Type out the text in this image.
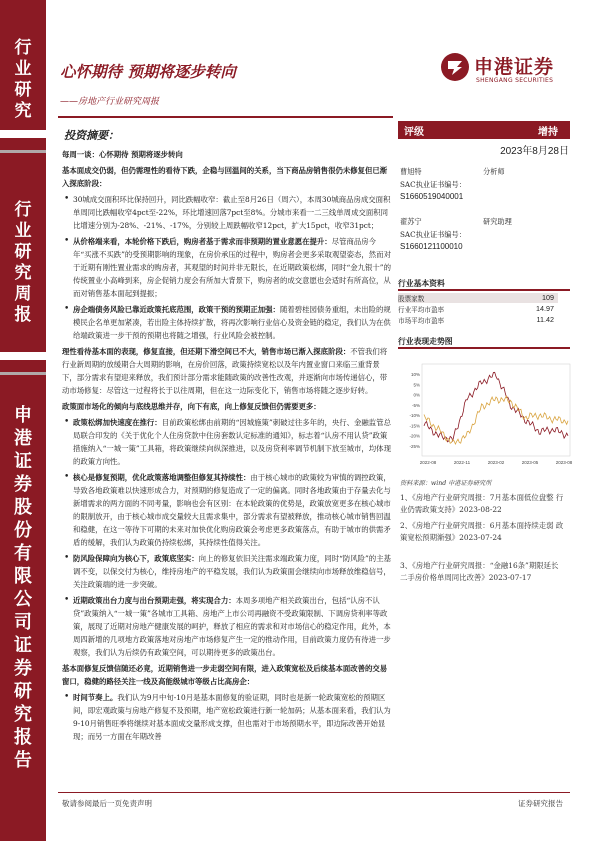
行
业
研
究
行
业
研
究
周
报
申
港
证
券
股
份
有
限
公
司
证
券
研
究
报
告
心怀期待 预期将逐步转向
——房地产行业研究周报
申港证券
SHENGANG SECURITIES
投资摘要：
每周一谈：心怀期待 预期将逐步转向
基本面成交仍弱，但仍需理性的看待下跌，企稳与回温间的关系，当下商品房销售很仍未修复但已渐入探底阶段：
• 30城成交面积环比保持回升，同比跌幅收窄：截止至8月26日（周六），本周30城商品房成交面积单周同比跌幅收窄4pct至-22%，环比增速回落7pct至8%。分城市来看一二三线单周成交面积同比增速分别为-28%、-21%、-17%，分别较上周跌幅收窄12pct，扩大15pct，收窄31pct；
• 从价格端来看，本轮价格下跌后，购房者基于需求而非预期的置业意愿在提升：尽管商品房今年“买涨不买跌”的受预期影响的现象，在房价承压的过程中，购房者会更多采取观望姿态，然而对于近期有刚性置业需求的购房者，其观望的时间并非无限长，在近期政策松绑，同时“金九银十”的传统置业小高峰到来，房企促销力度会有所加大背景下，购房者的成交意愿也会适时有所高位，从而对销售基本面起到提振；
• 房企端债务风险已靠近政策托底范围，政策干预的预期正加强：随着碧桂园债务重组，未出险的规模民企名单更加紧凑，若出险主体持续扩散，将再次影响行业信心及资金链的稳定，我们认为在供给端政策进一步干预的预期也将随之增强，行业风险会被控制。
理性看待基本面的表现，修复直接，但还期下滑空间已不大，销售市场已渐入探底阶段：不管我们将行业新周期的放缓期合大周期的影响，在房价回落，政策持续宽松以及年内置业窗口来临三重背景下，部分需求有望迎来释放，我们预计部分需求能随政策的改善性改观，并逐渐向市场传递信心，带动市场修复：尽管这一过程将长于以往周期，但在这一边际变化下，销售市场将随之逐步好转。
政策面市场化的倾向与底线思维并存，向下有底，向上修复反馈但仍需要更多：
• 政策松绑加快速度在推行：目前政策松绑由前期的“因城施策”刺破过往多年的，央行、金融监管总局联合印发的《关于优化个人住房贷款中住房套数认定标准的通知》，标志着“认房不用认贷”政策措施纳入“一城一策”工具箱，将政策继续向纵深推进，以及房贷利率调节机制下放至城市，均体现的政策方向性。
• 核心是修复预期，优化政策落地调整但修复其持续性：由于核心城市的政策较为审慎的调控政策，导致各地政策难以快速形成合力，对预期的修复造成了一定的偏离。同时各地政策由于存量去化与新增需求的两方面的不同考量，影响也会有区别：在本轮政策的优势是，政策放宽更多在核心城市的限制放开，由于核心城市成交量较大且需求集中，部分需求有望被释放，推动核心城市销售回温和稳健，在这一等待下可期的未来对加快优化购房政策会考虑更多政策落点，有助于城市的供需矛盾的缓解，我们认为政策仍持续松绑，其持续性值得关注。
• 防风险保障向为核心下，政策底坚实：向上的修复依旧关注需求端政策力度，同时“防风险”的主基调不变，以保交付为核心，维持房地产的平稳发展，我们认为政策面会继续向市场释放维稳信号，关注政策端的进一步突破。
• 近期政策出台力度与出台预期走强，将实现合力：本周多项地产相关政策出台，包括“认房不认贷”政策纳入“一城一策”各城市工具箱、房地产上市公司再融资不受政策限制、下调房贷利率等政策，展现了近期对房地产健康发展的呵护，释放了相应的需求和对市场信心的稳定作用，此外，本周四新增的几项地方政策落地对房地产市场修复产生一定的推动作用，目前政策力度仍有待进一步观察，我们认为后续仍有政策空间，可以期待更多的政策出台。
基本面修复反馈信随还必竟，近期销售进一步走弱空间有限，进入政策宽松及后续基本面改善的交易窗口，稳健的路径关注一线及高能级城市等级占比高房企：
• 时间节奏上。我们认为9月中旬-10月是基本面修复的验证期，同时也是新一轮政策宽松的预期区间，即宏观政策与房地产修复不及预期，地产宽松政策进行新一轮加码；从基本面来看，我们认为9-10月销售旺季将继续对基本面成交量形成支撑，但也需对于市场预期水平，即边际改善开始显现；而另一方面在年期改善
评级	增持
2023年8月28日
曹旭特	分析师
SAC执业证书编号：
S1660519040001
翟苏宁	研究助理
SAC执业证书编号：
S1660121100010
行业基本资料
股票家数	109
行业平均市盈率	14.97
市场平均市盈率	11.42
行业表现走势图
10%
5%
0%
-5%
-10%
-15%
-20%
-25%
2022-08	2022-11	2023-02	2023-05	2023-08
资料来源：wind 申港证券研究所
1、《房地产行业研究周报：7月基本面低位盘整 行业仍需政策支持》2023-08-22
2、《房地产行业研究周报：6月基本面持续走弱 政策宽松预期渐强》2023-07-24
3、《房地产行业研究周报：“金融16条”期限延长 二手房价格单周同比改善》2023-07-17
敬请参阅最后一页免责声明	证券研究报告
